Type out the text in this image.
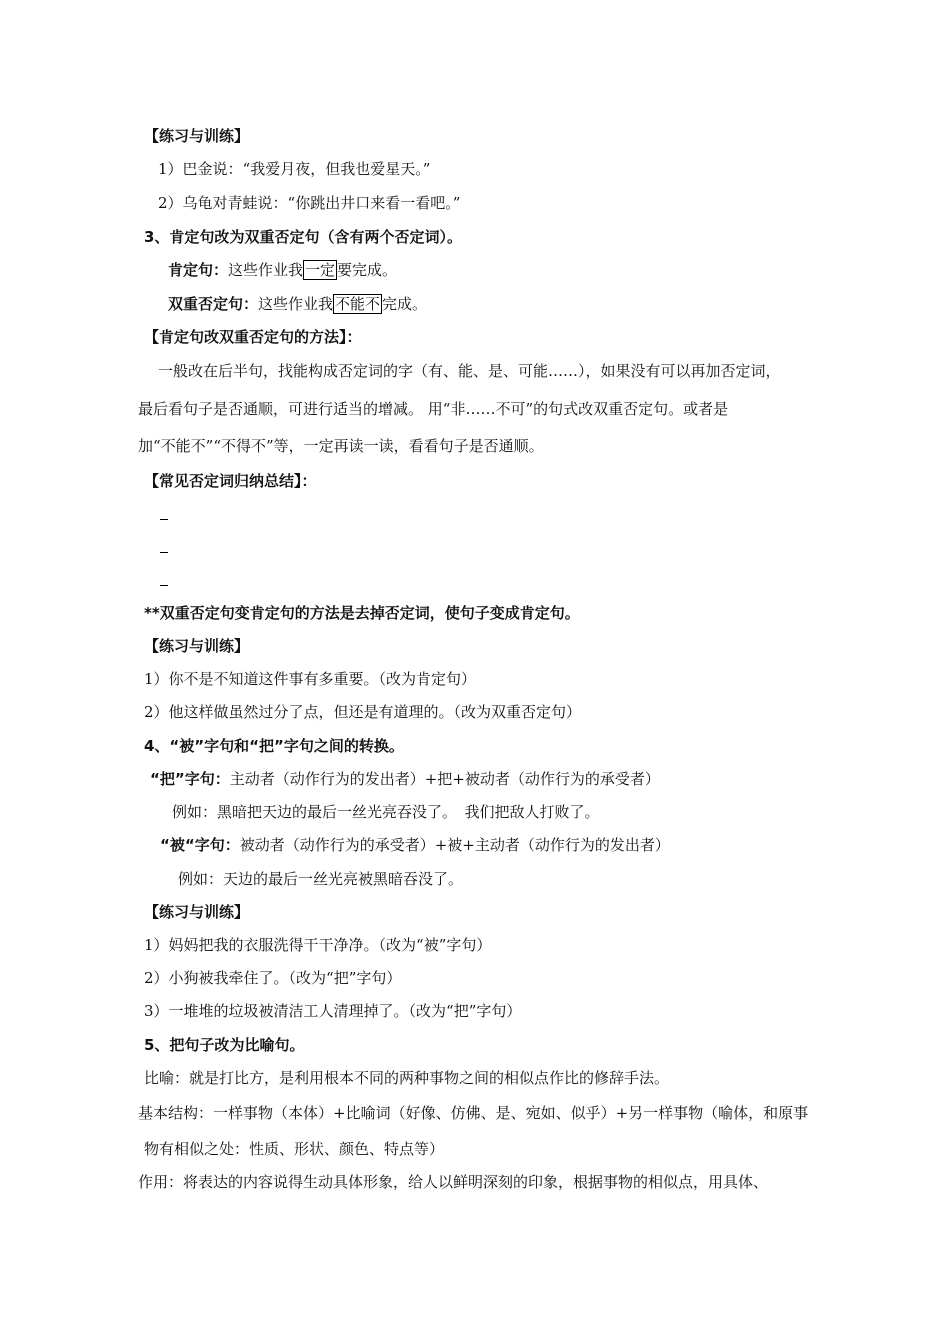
【练习与训练】
1）巴金说：“我爱月夜，但我也爱星天。”
2）乌龟对青蛙说：“你跳出井口来看一看吧。”
3、肯定句改为双重否定句（含有两个否定词）。
肯定句：这些作业我 一定 要完成。
双重否定句：这些作业我 不能不 完成。
【肯定句改双重否定句的方法】：
一般改在后半句，找能构成否定词的字（有、能、是、可能……），如果没有可以再加否定词，
最后看句子是否通顺，可进行适当的增减。 用“非……不可”的句式改双重否定句。或者是
加“不能不”“不得不”等，一定再读一读，看看句子是否通顺。
【常见否定词归纳总结】：
**双重否定句变肯定句的方法是去掉否定词，使句子变成肯定句。
【练习与训练】
1）你不是不知道这件事有多重要。（改为肯定句）
2）他这样做虽然过分了点，但还是有道理的。（改为双重否定句）
4、“被”字句和“把”字句之间的转换。
“把”字句：主动者（动作行为的发出者）+把+被动者（动作行为的承受者）
例如：黑暗把天边的最后一丝光亮吞没了。　我们把敌人打败了。
“被“字句：被动者（动作行为的承受者）+被+主动者（动作行为的发出者）
例如：天边的最后一丝光亮被黑暗吞没了。
【练习与训练】
1）妈妈把我的衣服洗得干干净净。（改为“被”字句）
2）小狗被我牵住了。（改为“把”字句）
3）一堆堆的垃圾被清洁工人清理掉了。（改为“把”字句）
5、把句子改为比喻句。
比喻：就是打比方，是利用根本不同的两种事物之间的相似点作比的修辞手法。
基本结构：一样事物（本体）+比喻词（好像、仿佛、是、宛如、似乎）+另一样事物（喻体，和原事
物有相似之处：性质、形状、颜色、特点等）
作用：将表达的内容说得生动具体形象，给人以鲜明深刻的印象，根据事物的相似点，用具体、
